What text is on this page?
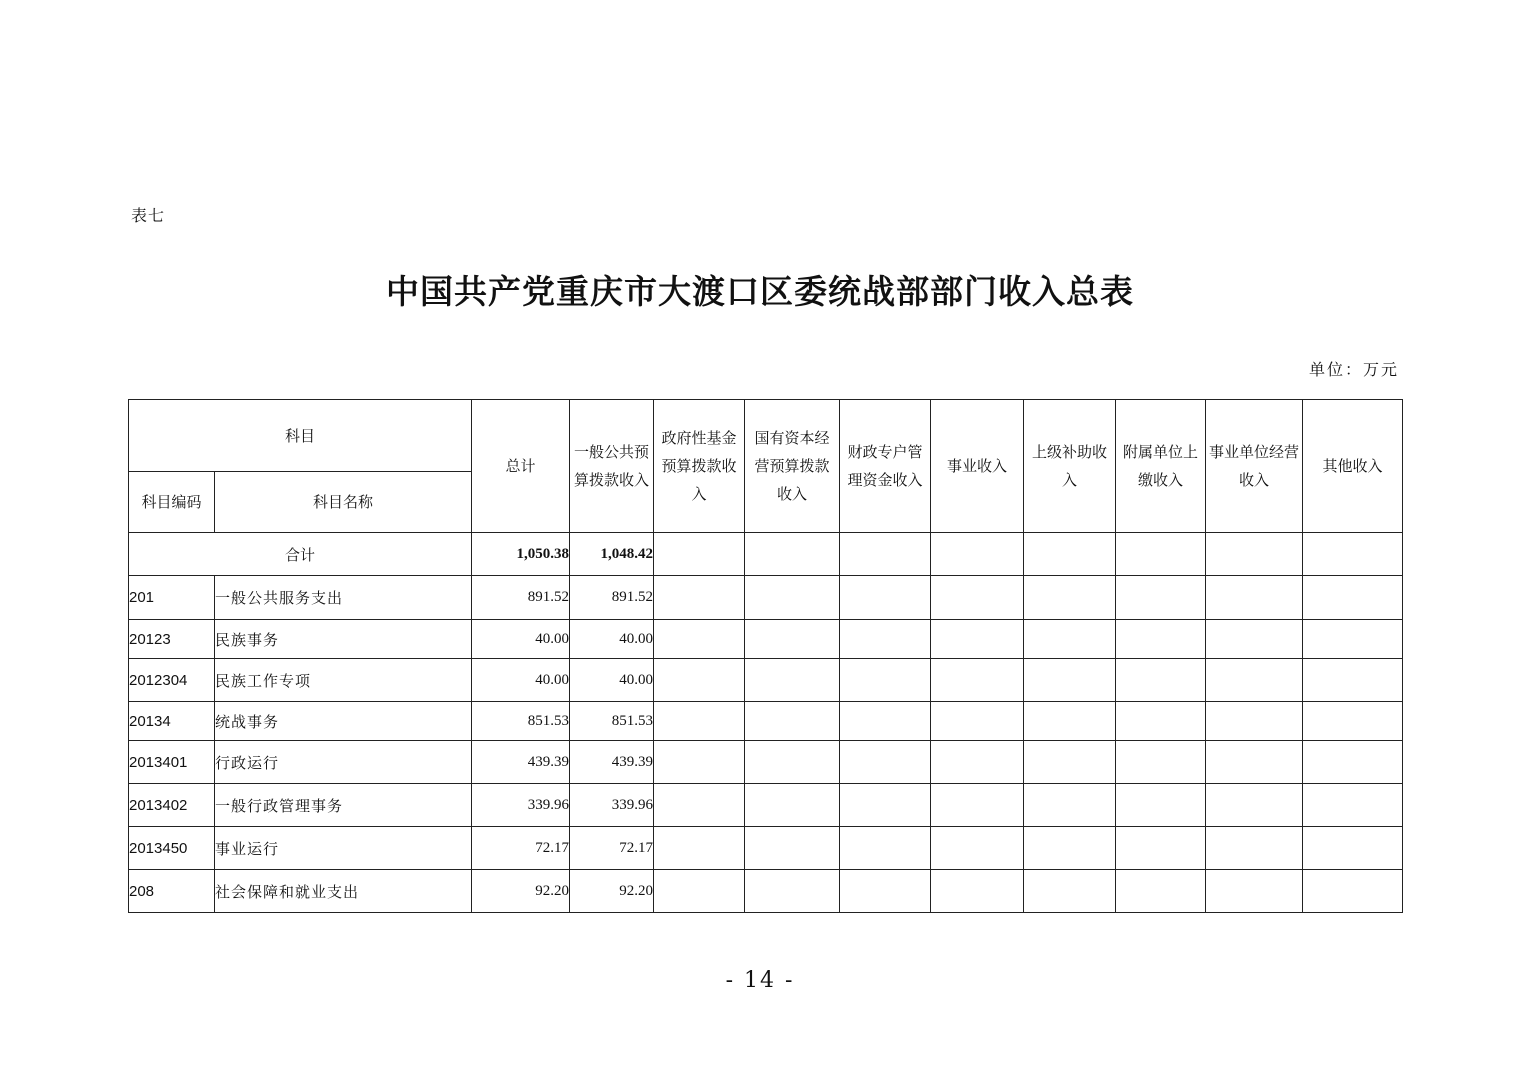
表七
中国共产党重庆市大渡口区委统战部部门收入总表
单位：万元
科目		总计	一般公共预算拨款收入	政府性基金预算拨款收入	国有资本经营预算拨款收入	财政专户管理资金收入	事业收入	上级补助收入	附属单位上缴收入	事业单位经营收入	其他收入
科目编码	科目名称										
合计		1,050.38	1,048.42								
201	一般公共服务支出	891.52	891.52								
20123	民族事务	40.00	40.00								
2012304	民族工作专项	40.00	40.00								
20134	统战事务	851.53	851.53								
2013401	行政运行	439.39	439.39								
2013402	一般行政管理事务	339.96	339.96								
2013450	事业运行	72.17	72.17								
208	社会保障和就业支出	92.20	92.20								
- 14 -
